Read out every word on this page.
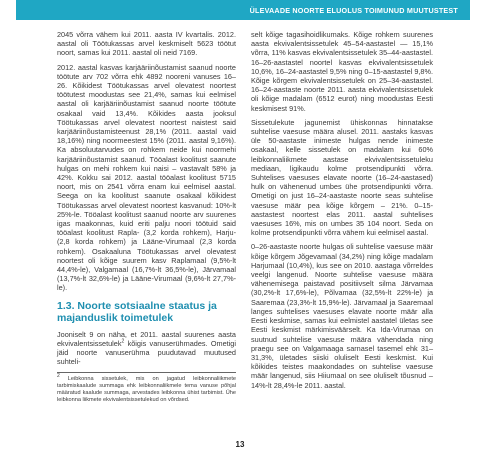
ÜLEVAADE NOORTE ELUOLUS TOIMUNUD MUUTUSTEST

2045 võrra vähem kui 2011. aasta IV kvartalis. 2012. aastal oli Töötukassas arvel keskmiselt 5623 töötut noort, samas kui 2011. aastal oli neid 7169.

2012. aastal kasvas karjääriinõustamist saanud noorte töötute arv 702 võrra ehk 4892 nooreni vanuses 16–26. Kõikidest Töötukassas arvel olevatest noortest töötutest moodustas see 21,4%, samas kui eelmisel aastal oli karjääriinõustamist saanud noorte töötute osakaal vaid 13,4%. Kõikides aasta jooksul Töötukassas arvel olevatest noortest naistest said karjääriinõustamisteenust 28,1% (2011. aastal vaid 18,16%) ning noormeestest 15% (2011. aastal 9,16%). Ka absoluutarvudes on rohkem neide kui noormehi karjääriinõustamist saanud. Tööalast koolitust saanute hulgas on mehi rohkem kui naisi – vastavalt 58% ja 42%. Kokku sai 2012. aastal tööalast koolitust 5715 noort, mis on 2541 võrra enam kui eelmisel aastal. Seega on ka koolitust saanute osakaal kõikidest Töötukassas arvel olevatest noortest kasvanud: 10%-lt 25%-le. Tööalast koolitust saanud noorte arv suurenes igas maakonnas, kuid eriti palju noori töötuid said tööalast koolitust Rapla- (3,2 korda rohkem), Harju- (2,8 korda rohkem) ja Lääne-Virumaal (2,3 korda rohkem). Osakaaluna Töötukassas arvel olevatest noortest oli kõige suurem kasv Raplamaal (9,5%-lt 44,4%-le), Valgamaal (16,7%-lt 36,5%-le), Järvamaal (13,7%-lt 32,6%-le) ja Lääne-Virumaal (9,6%-lt 27,7%-le).

1.3. Noorte sotsiaalne staatus ja majanduslik toimetulek

Jooniselt 9 on näha, et 2011. aastal suurenes aasta ekvivalentsissetulek$^2$ kõigis vanuserühmades. Ometigi jäid noorte vanuserühma puudutavad muutused suhteli-

$^2$ Leibkonna sissetulek, mis on jagatud leibkonnaliikmete tarbimiskaalude summaga ehk leibkonnaliikmele tema vanuse põhjal määratud kaalude summaga, arvestades leibkonna ühist tarbimist. Ühe leibkonna liikmete ekvivalentsissetulekud on võrdsed.

selt kõige tagasihoidlikumaks. Kõige rohkem suurenes aasta ekvivalentsissetulek 45–54-aastastel — 15,1% võrra, 11% kasvas ekvivalentsissetulek 35–44-aastastel. 16–26-aastastel noortel kasvas ekvivalentsissetulek 10,6%, 16–24-aastastel 9,5% ning 0–15-aastastel 9,8%. Kõige kõrgem ekvivalentsissetulek on 25–34-aastastel. 16–24-aastaste noorte 2011. aasta ekvivalentsissetulek oli kõige madalam (6512 eurot) ning moodustas Eesti keskmisest 91%.

Sissetulekute jagunemist ühiskonnas hinnatakse suhtelise vaesuse määra alusel. 2011. aastaks kasvas üle 50-aastaste inimeste hulgas nende inimeste osakaal, kelle sissetulek on madalam kui 60% leibkonnaliikmete aastase ekvivalentsissetuleku mediaan, ligikaudu kolme protsendipunkti võrra. Suhtelises vaesuses elavate noorte (16–24-aastased) hulk on vähenenud umbes ühe protsendipunkti võrra. Ometigi on just 16–24-aastaste noorte seas suhtelise vaesuse määr pea kõige kõrgem – 21%. 0–15-aastastest noortest elas 2011. aastal suhtelises vaesuses 16%, mis on umbes 35 104 noort. Seda on kolme protsendipunkti võrra vähem kui eelmisel aastal.

0–26-aastaste noorte hulgas oli suhtelise vaesuse määr kõige kõrgem Jõgevamaal (34,2%) ning kõige madalam Harjumaal (10,4%), kus see on 2010. aastaga võrreldes veelgi langenud. Noorte suhtelise vaesuse määra vähenemisega paistavad positiivselt silma Järvamaa (30,2%-lt 17,6%-le), Põlvamaa (32,5%-lt 22%-le) ja Saaremaa (23,3%-lt 15,9%-le). Järvamaal ja Saaremaal langes suhtelises vaesuses elavate noorte määr alla Eesti keskmise, samas kui eelmistel aastatel ületas see Eesti keskmist märkimisväärselt. Ka Ida-Virumaa on suutnud suhtelise vaesuse määra vähendada ning praegu see on Valgamaaga sarnasel tasemel ehk 31–31,3%, ületades siiski oluliselt Eesti keskmist. Kui kõikides teistes maakondades on suhtelise vaesuse määr langenud, siis Hiiumaal on see oluliselt tõusnud – 14%-lt 28,4%-le 2011. aastal.

13
